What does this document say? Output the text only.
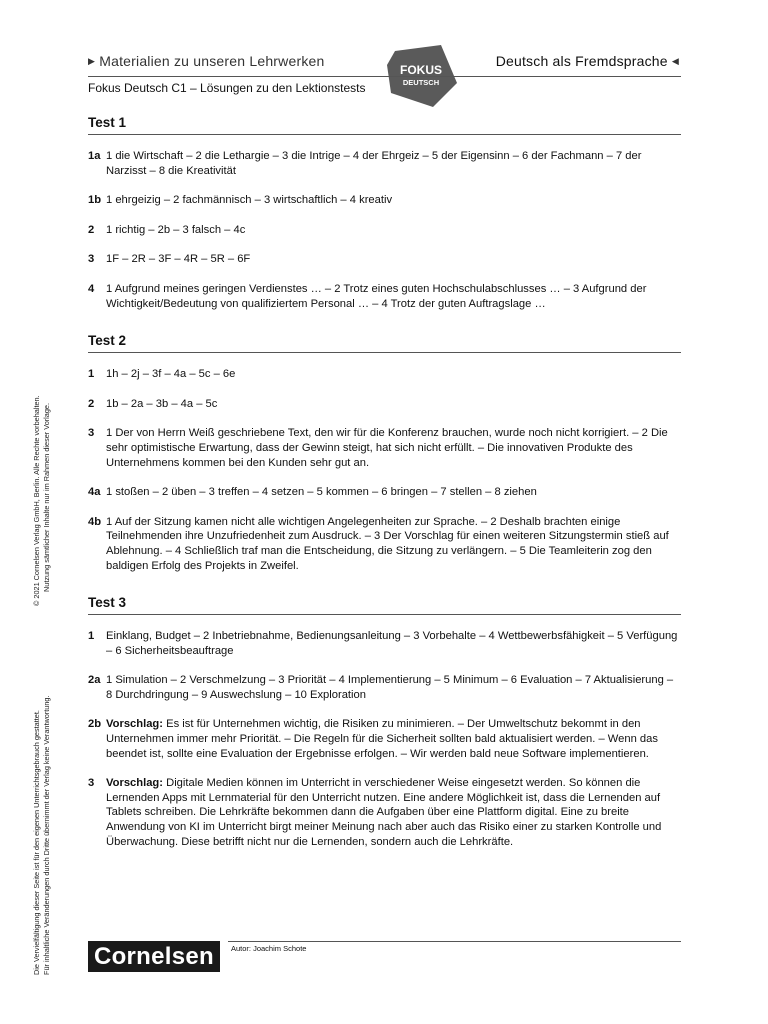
▶ Materialien zu unseren Lehrwerken
FOKUS
DEUTSCH
Deutsch als Fremdsprache ◀
Fokus Deutsch C1 – Lösungen zu den Lektionstests
Test 1
1a 1 die Wirtschaft – 2 die Lethargie – 3 die Intrige – 4 der Ehrgeiz – 5 der Eigensinn – 6 der Fachmann – 7 der Narzisst – 8 die Kreativität
1b 1 ehrgeizig – 2 fachmännisch – 3 wirtschaftlich – 4 kreativ
2	1 richtig – 2b – 3 falsch – 4c
3	1F – 2R – 3F – 4R – 5R – 6F
4	1 Aufgrund meines geringen Verdienstes … – 2 Trotz eines guten Hochschulabschlusses … – 3 Aufgrund der Wichtigkeit/Bedeutung von qualifiziertem Personal … – 4 Trotz der guten Auftragslage …
Test 2
1	1h – 2j – 3f – 4a – 5c – 6e
2	1b – 2a – 3b – 4a – 5c
3	1 Der von Herrn Weiß geschriebene Text, den wir für die Konferenz brauchen, wurde noch nicht korrigiert. – 2 Die sehr optimistische Erwartung, dass der Gewinn steigt, hat sich nicht erfüllt. – Die innovativen Produkte des Unternehmens kommen bei den Kunden sehr gut an.
4a 1 stoßen – 2 üben – 3 treffen – 4 setzen – 5 kommen – 6 bringen – 7 stellen – 8 ziehen
4b 1 Auf der Sitzung kamen nicht alle wichtigen Angelegenheiten zur Sprache. – 2 Deshalb brachten einige Teilnehmenden ihre Unzufriedenheit zum Ausdruck. – 3 Der Vorschlag für einen weiteren Sitzungstermin stieß auf Ablehnung. – 4 Schließlich traf man die Entscheidung, die Sitzung zu verlängern. – 5 Die Teamleiterin zog den baldigen Erfolg des Projekts in Zweifel.
Test 3
1	Einklang, Budget – 2 Inbetriebnahme, Bedienungsanleitung – 3 Vorbehalte – 4 Wettbewerbsfähigkeit – 5 Verfügung – 6 Sicherheitsbeauftrage
2a 1 Simulation – 2 Verschmelzung – 3 Priorität – 4 Implementierung – 5 Minimum – 6 Evaluation – 7 Aktualisierung – 8 Durchdringung – 9 Auswechslung – 10 Exploration
2b Vorschlag: Es ist für Unternehmen wichtig, die Risiken zu minimieren. – Der Umweltschutz bekommt in den Unternehmen immer mehr Priorität. – Die Regeln für die Sicherheit sollten bald aktualisiert werden. – Wenn das beendet ist, sollte eine Evaluation der Ergebnisse erfolgen. – Wir werden bald neue Software implementieren.
3	Vorschlag: Digitale Medien können im Unterricht in verschiedener Weise eingesetzt werden. So können die Lernenden Apps mit Lernmaterial für den Unterricht nutzen. Eine andere Möglichkeit ist, dass die Lernenden auf Tablets schreiben. Die Lehrkräfte bekommen dann die Aufgaben über eine Plattform digital. Eine zu breite Anwendung von KI im Unterricht birgt meiner Meinung nach aber auch das Risiko einer zu starken Kontrolle und Überwachung. Diese betrifft nicht nur die Lernenden, sondern auch die Lehrkräfte.
© 2021 Cornelsen Verlag GmbH, Berlin. Alle Rechte vorbehalten. Nutzung sämtlicher Inhalte nur im Rahmen dieser Vorlage.
Die Vervielfältigung dieser Seite ist für den eigenen Unterrichtsgebrauch gestattet. Für inhaltliche Veränderungen durch Dritte übernimmt der Verlag keine Verantwortung. Cornelsen	Autor: Joachim Schote
